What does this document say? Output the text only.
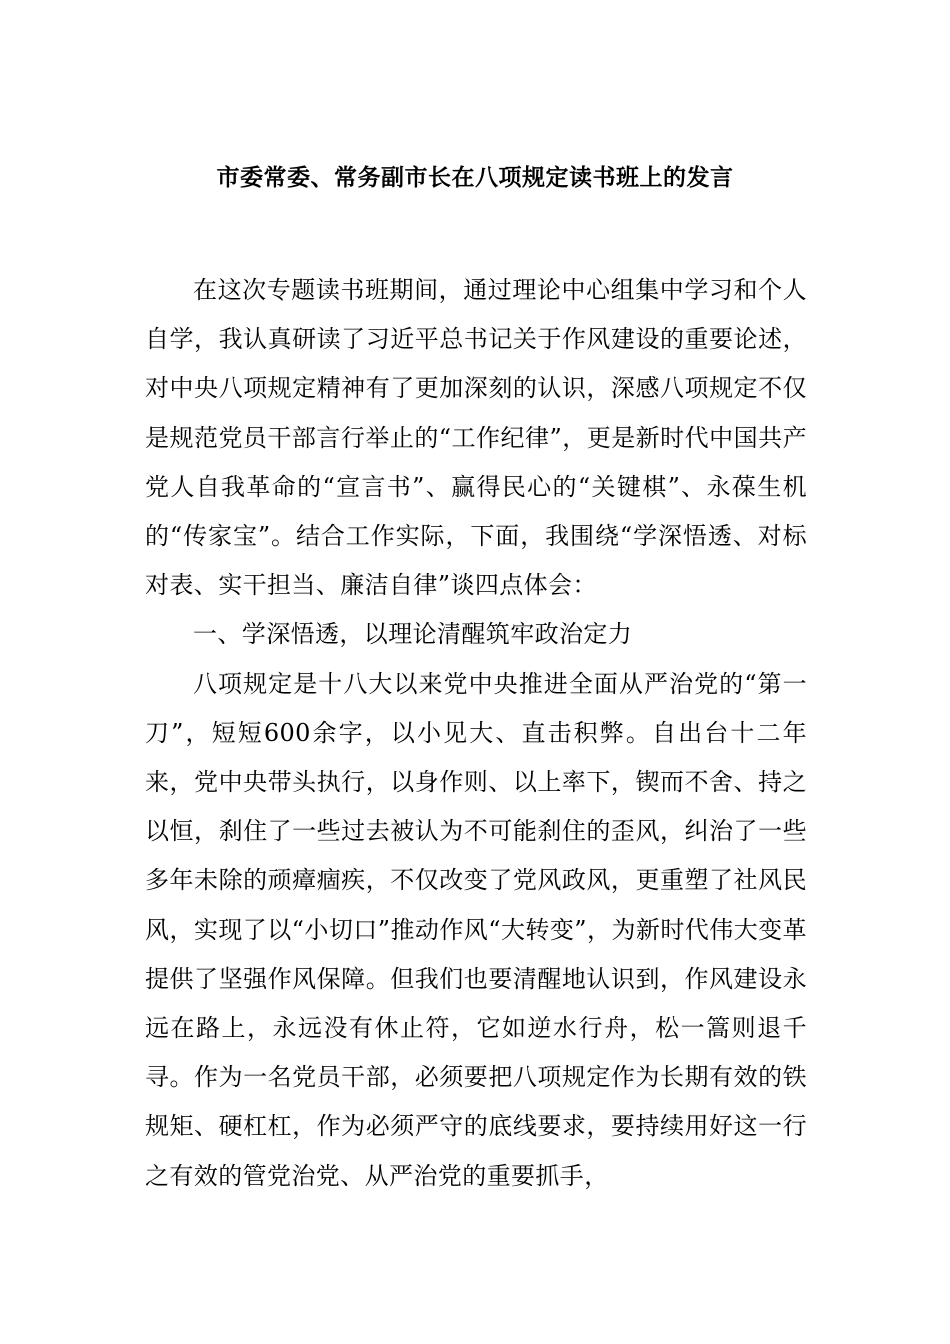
市委常委、常务副市长在八项规定读书班上的发言

在这次专题读书班期间，通过理论中心组集中学习和个人自学，我认真研读了习近平总书记关于作风建设的重要论述，对中央八项规定精神有了更加深刻的认识，深感八项规定不仅是规范党员干部言行举止的“工作纪律”，更是新时代中国共产党人自我革命的“宣言书”、赢得民心的“关键棋”、永葆生机的“传家宝”。结合工作实际，下面，我围绕“学深悟透、对标对表、实干担当、廉洁自律”谈四点体会：

一、学深悟透，以理论清醒筑牢政治定力

八项规定是十八大以来党中央推进全面从严治党的“第一刀”，短短600余字，以小见大、直击积弊。自出台十二年来，党中央带头执行，以身作则、以上率下，锲而不舍、持之以恒，刹住了一些过去被认为不可能刹住的歪风，纠治了一些多年未除的顽瘴痼疾，不仅改变了党风政风，更重塑了社风民风，实现了以“小切口”推动作风“大转变”，为新时代伟大变革提供了坚强作风保障。但我们也要清醒地认识到，作风建设永远在路上，永远没有休止符，它如逆水行舟，松一篙则退千寻。作为一名党员干部，必须要把八项规定作为长期有效的铁规矩、硬杠杠，作为必须严守的底线要求，要持续用好这一行之有效的管党治党、从严治党的重要抓手，
